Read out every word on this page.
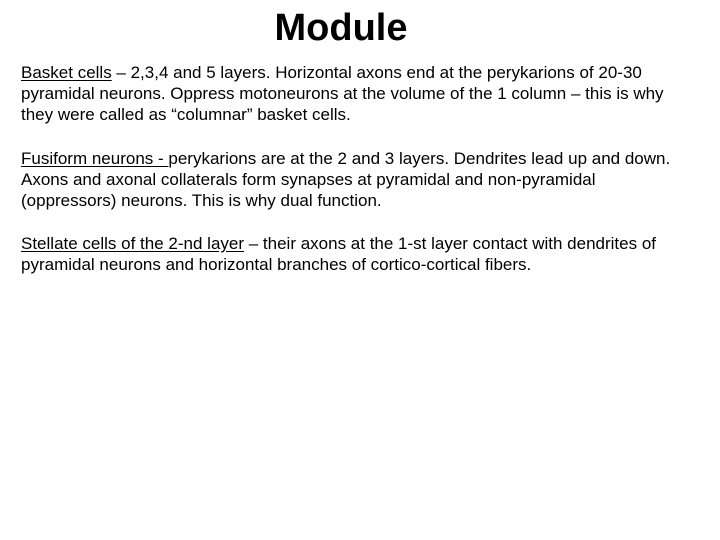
Module

Basket cells – 2,3,4 and 5 layers. Horizontal axons end at the perykarions of 20-30 pyramidal neurons. Oppress motoneurons at the volume of the 1 column – this is why they were called as “columnar” basket cells.

Fusiform neurons - perykarions are at the 2 and 3 layers. Dendrites lead up and down. Axons and axonal collaterals form synapses at pyramidal and non-pyramidal (oppressors) neurons. This is why dual function.

Stellate cells of the 2-nd layer – their axons at the 1-st layer contact with dendrites of pyramidal neurons and horizontal branches of cortico-cortical fibers.
